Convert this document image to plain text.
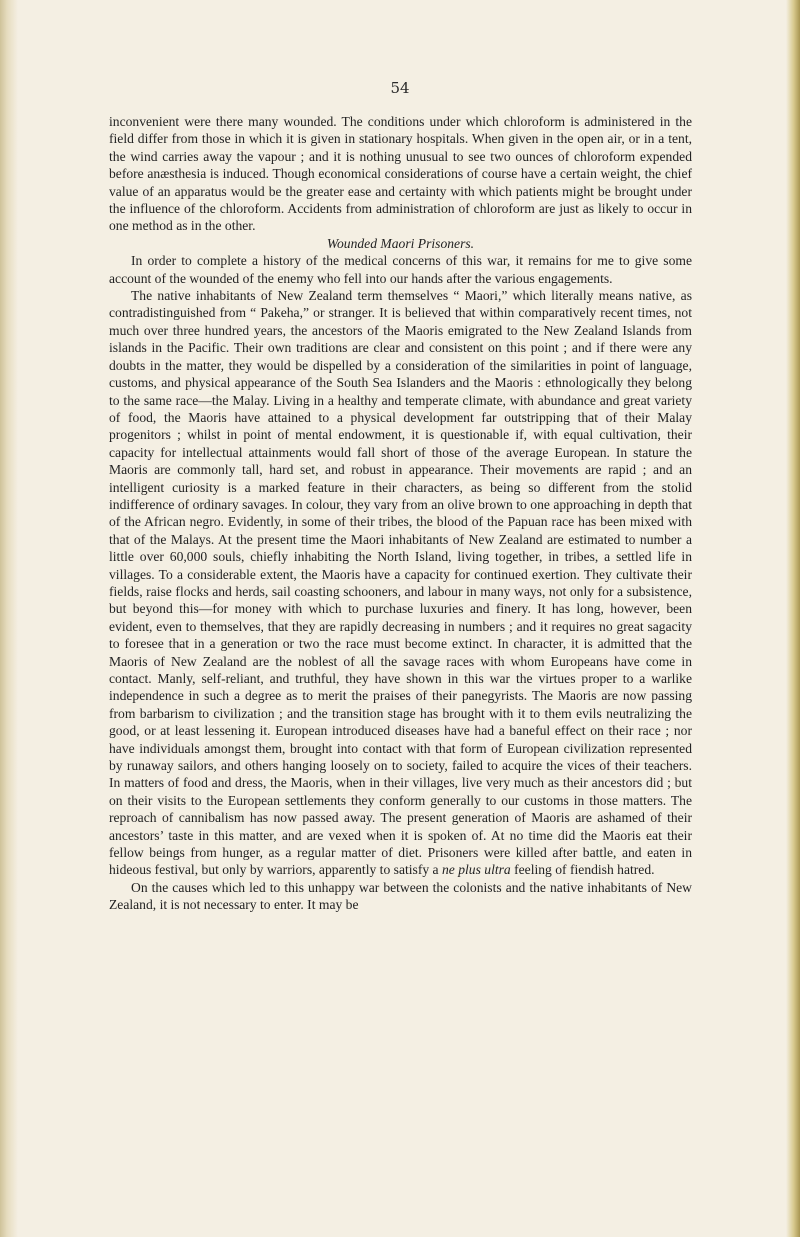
54

inconvenient were there many wounded. The conditions under which chloroform is administered in the field differ from those in which it is given in stationary hospitals. When given in the open air, or in a tent, the wind carries away the vapour ; and it is nothing unusual to see two ounces of chloroform expended before anæsthesia is induced. Though economical considerations of course have a certain weight, the chief value of an apparatus would be the greater ease and certainty with which patients might be brought under the influence of the chloroform. Accidents from administration of chloroform are just as likely to occur in one method as in the other.

Wounded Maori Prisoners.

In order to complete a history of the medical concerns of this war, it remains for me to give some account of the wounded of the enemy who fell into our hands after the various engagements.

The native inhabitants of New Zealand term themselves “ Maori,” which literally means native, as contradistinguished from “ Pakeha,” or stranger. It is believed that within comparatively recent times, not much over three hundred years, the ancestors of the Maoris emigrated to the New Zealand Islands from islands in the Pacific. Their own traditions are clear and consistent on this point ; and if there were any doubts in the matter, they would be dispelled by a consideration of the similarities in point of language, customs, and physical appearance of the South Sea Islanders and the Maoris : ethnologically they belong to the same race—the Malay. Living in a healthy and temperate climate, with abundance and great variety of food, the Maoris have attained to a physical development far outstripping that of their Malay progenitors ; whilst in point of mental endowment, it is questionable if, with equal cultivation, their capacity for intellectual attainments would fall short of those of the average European. In stature the Maoris are commonly tall, hard set, and robust in appearance. Their movements are rapid ; and an intelligent curiosity is a marked feature in their characters, as being so different from the stolid indifference of ordinary savages. In colour, they vary from an olive brown to one approaching in depth that of the African negro. Evidently, in some of their tribes, the blood of the Papuan race has been mixed with that of the Malays. At the present time the Maori inhabitants of New Zealand are estimated to number a little over 60,000 souls, chiefly inhabiting the North Island, living together, in tribes, a settled life in villages. To a considerable extent, the Maoris have a capacity for continued exertion. They cultivate their fields, raise flocks and herds, sail coasting schooners, and labour in many ways, not only for a subsistence, but beyond this—for money with which to purchase luxuries and finery. It has long, however, been evident, even to themselves, that they are rapidly decreasing in numbers ; and it requires no great sagacity to foresee that in a generation or two the race must become extinct. In character, it is admitted that the Maoris of New Zealand are the noblest of all the savage races with whom Europeans have come in contact. Manly, self-reliant, and truthful, they have shown in this war the virtues proper to a warlike independence in such a degree as to merit the praises of their panegyrists. The Maoris are now passing from barbarism to civilization ; and the transition stage has brought with it to them evils neutralizing the good, or at least lessening it. European introduced diseases have had a baneful effect on their race ; nor have individuals amongst them, brought into contact with that form of European civilization represented by runaway sailors, and others hanging loosely on to society, failed to acquire the vices of their teachers. In matters of food and dress, the Maoris, when in their villages, live very much as their ancestors did ; but on their visits to the European settlements they conform generally to our customs in those matters. The reproach of cannibalism has now passed away. The present generation of Maoris are ashamed of their ancestors’ taste in this matter, and are vexed when it is spoken of. At no time did the Maoris eat their fellow beings from hunger, as a regular matter of diet. Prisoners were killed after battle, and eaten in hideous festival, but only by warriors, apparently to satisfy a ne plus ultra feeling of fiendish hatred.

On the causes which led to this unhappy war between the colonists and the native inhabitants of New Zealand, it is not necessary to enter. It may be
